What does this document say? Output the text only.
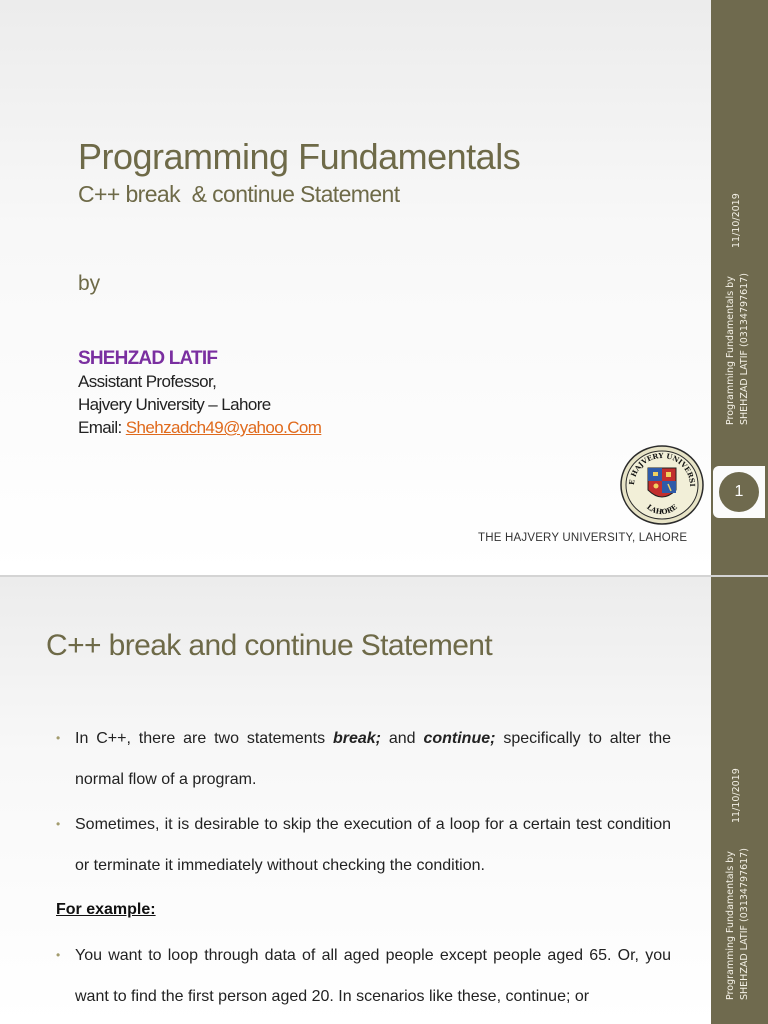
Programming Fundamentals
C++ break  & continue Statement
by
SHEHZAD LATIF
Assistant Professor,
Hajvery University – Lahore
Email: Shehzadch49@yahoo.Com
E HAJVERY UNIVERSI
LAHORE
THE HAJVERY UNIVERSITY, LAHORE
11/10/2019
Programming Fundamentals by SHEHZAD LATIF (03134797617)
1
C++ break and continue Statement
• In C++, there are two statements break; and continue; specifically to alter the normal flow of a program.
• Sometimes, it is desirable to skip the execution of a loop for a certain test condition or terminate it immediately without checking the condition.
For example:
• You want to loop through data of all aged people except people aged 65. Or, you want to find the first person aged 20. In scenarios like these, continue; or
11/10/2019
Programming Fundamentals by SHEHZAD LATIF (03134797617)
